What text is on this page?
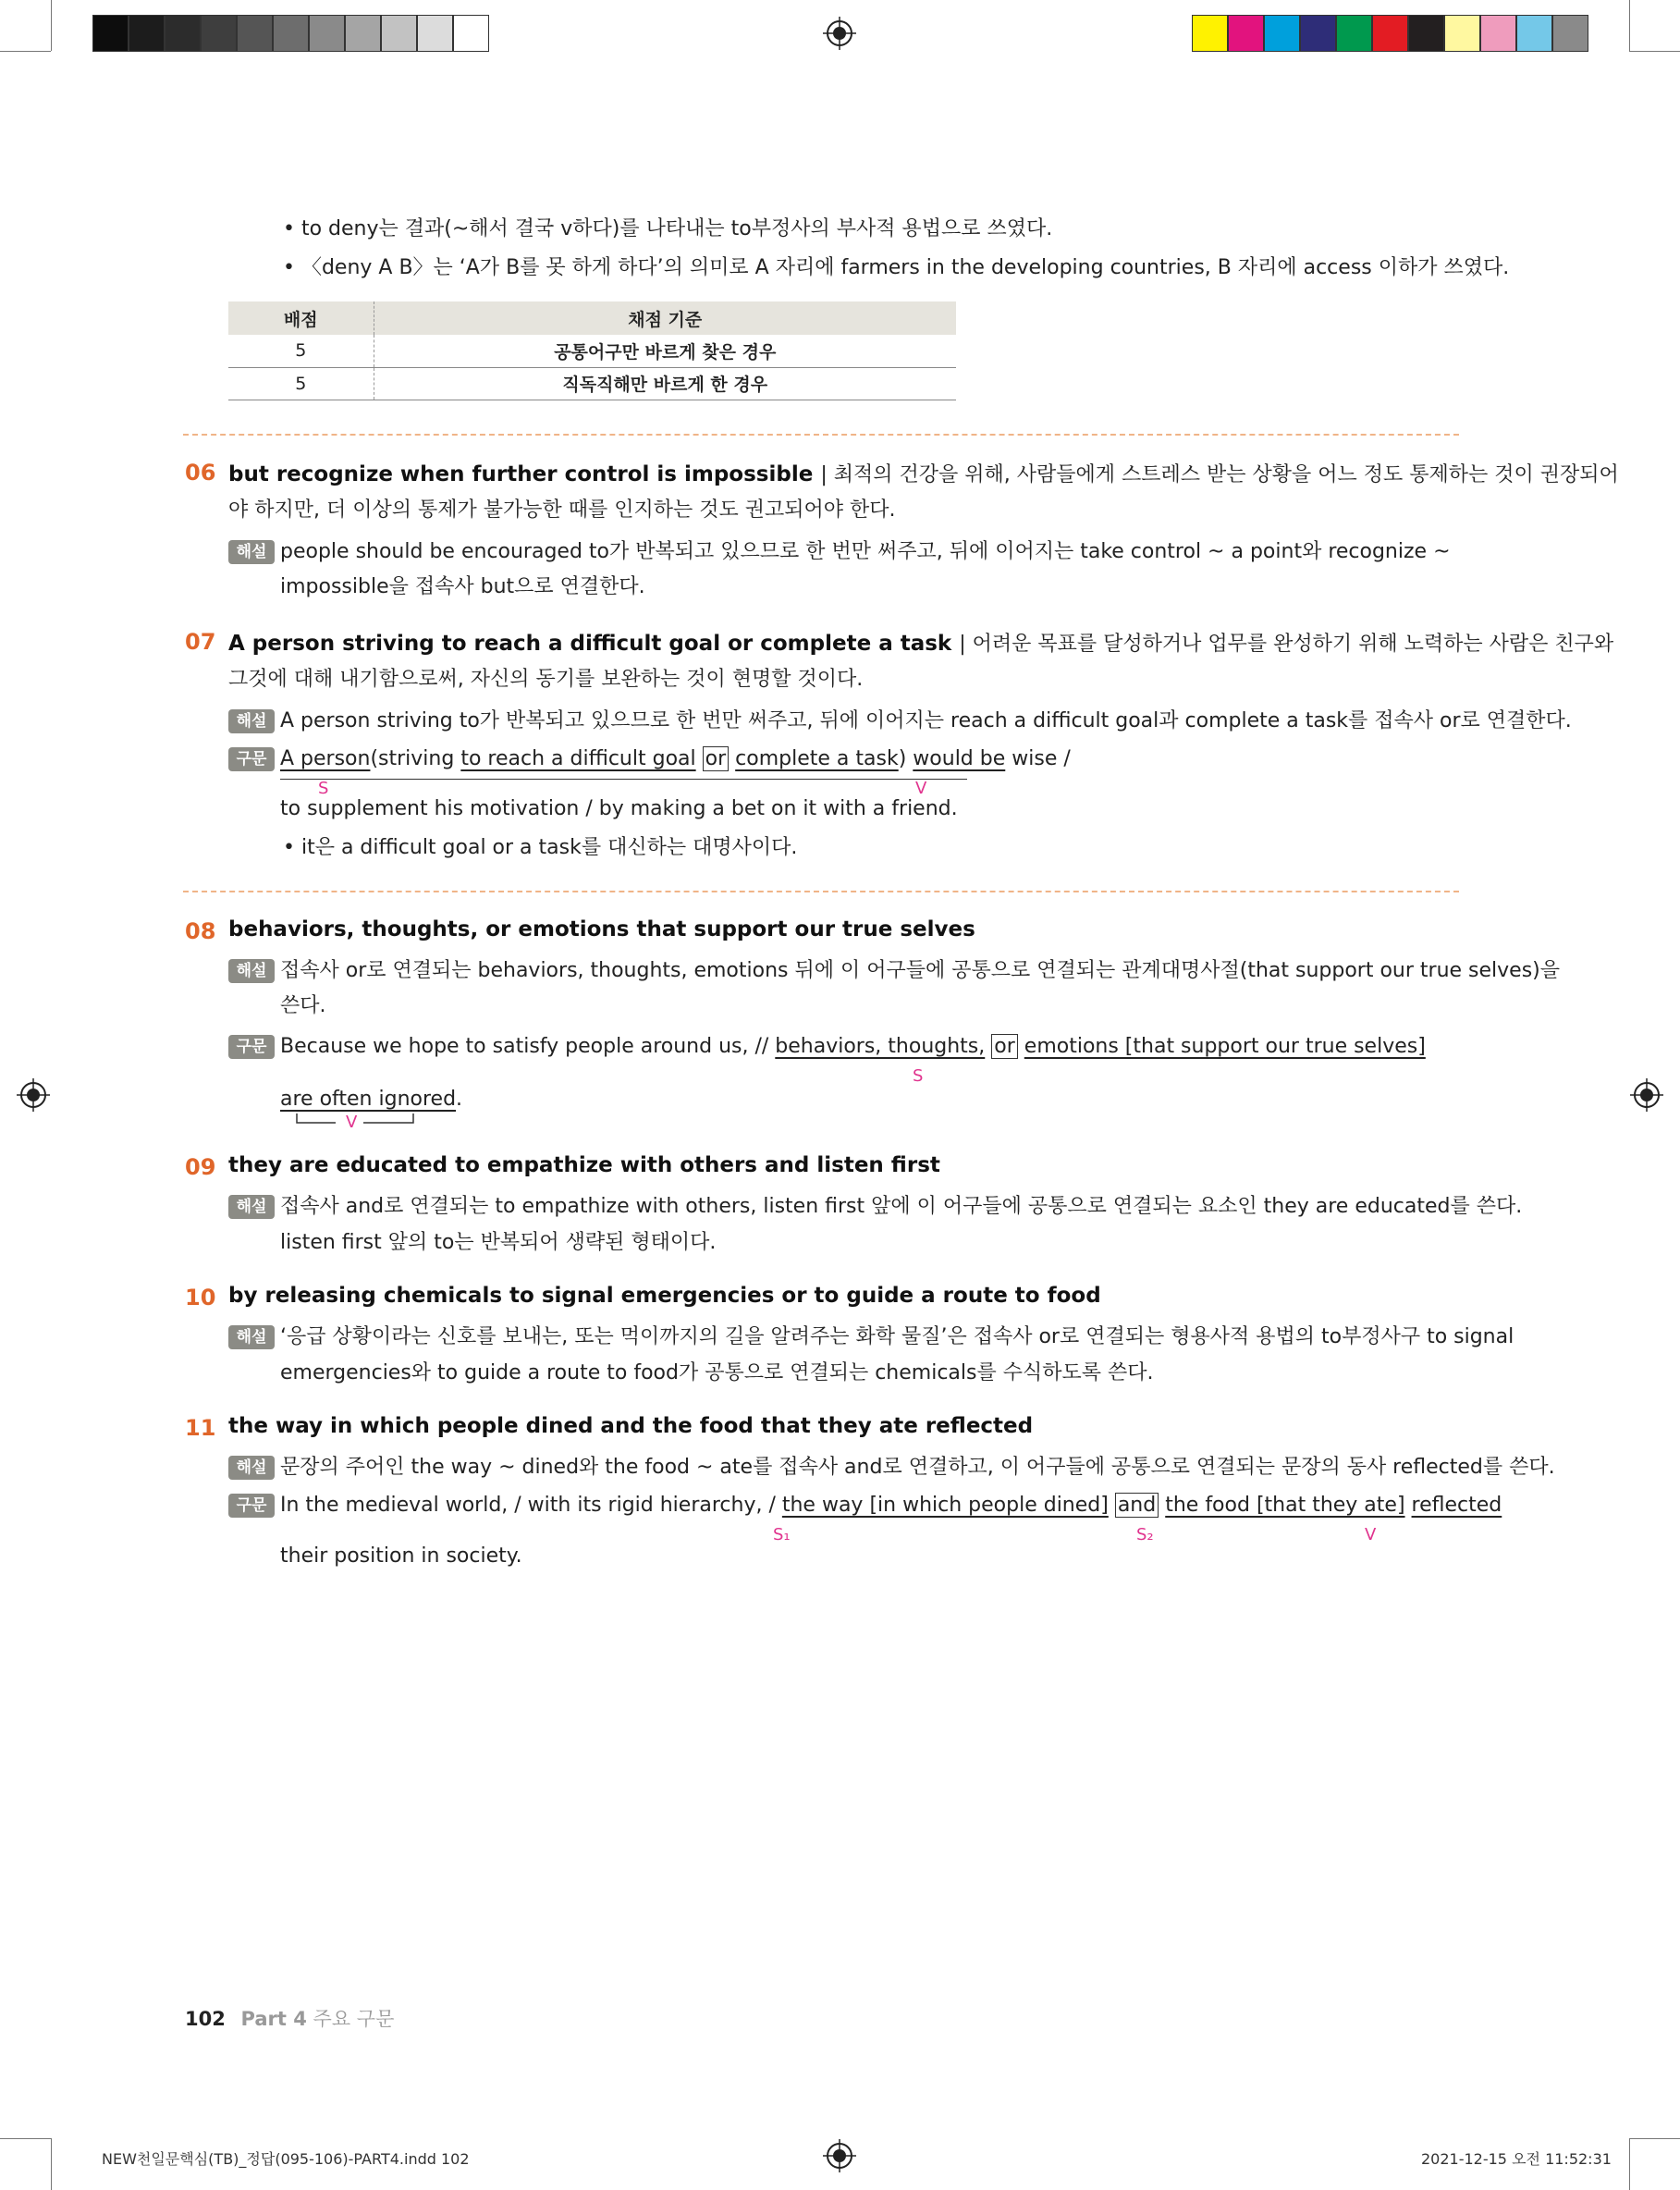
• to deny는 결과(~해서 결국 v하다)를 나타내는 to부정사의 부사적 용법으로 쓰였다.
• 〈deny A B〉는 ‘A가 B를 못 하게 하다’의 의미로 A 자리에 farmers in the developing countries, B 자리에 access 이하가 쓰였다.
배점	채점 기준
5	공통어구만 바르게 찾은 경우
5	직독직해만 바르게 한 경우
06 but recognize when further control is impossible | 최적의 건강을 위해, 사람들에게 스트레스 받는 상황을 어느 정도 통제하는 것이 권장되어
야 하지만, 더 이상의 통제가 불가능한 때를 인지하는 것도 권고되어야 한다.
해설 people should be encouraged to가 반복되고 있으므로 한 번만 써주고, 뒤에 이어지는 take control ~ a point와 recognize ~
impossible을 접속사 but으로 연결한다.
07 A person striving to reach a difficult goal or complete a task | 어려운 목표를 달성하거나 업무를 완성하기 위해 노력하는 사람은 친구와
그것에 대해 내기함으로써, 자신의 동기를 보완하는 것이 현명할 것이다.
해설 A person striving to가 반복되고 있으므로 한 번만 써주고, 뒤에 이어지는 reach a difficult goal과 complete a task를 접속사 or로 연결한다.
구문 A person(striving to reach a difficult goal or complete a task) would be wise /
S	V
to supplement his motivation / by making a bet on it with a friend.
• it은 a difficult goal or a task를 대신하는 대명사이다.
08 behaviors, thoughts, or emotions that support our true selves
해설 접속사 or로 연결되는 behaviors, thoughts, emotions 뒤에 이 어구들에 공통으로 연결되는 관계대명사절(that support our true selves)을
쓴다.
구문 Because we hope to satisfy people around us, // behaviors, thoughts, or emotions [that support our true selves]
S
are often ignored.
V
09 they are educated to empathize with others and listen first
해설 접속사 and로 연결되는 to empathize with others, listen first 앞에 이 어구들에 공통으로 연결되는 요소인 they are educated를 쓴다.
listen first 앞의 to는 반복되어 생략된 형태이다.
10 by releasing chemicals to signal emergencies or to guide a route to food
해설 ‘응급 상황이라는 신호를 보내는, 또는 먹이까지의 길을 알려주는 화학 물질’은 접속사 or로 연결되는 형용사적 용법의 to부정사구 to signal
emergencies와 to guide a route to food가 공통으로 연결되는 chemicals를 수식하도록 쓴다.
11 the way in which people dined and the food that they ate reflected
해설 문장의 주어인 the way ~ dined와 the food ~ ate를 접속사 and로 연결하고, 이 어구들에 공통으로 연결되는 문장의 동사 reflected를 쓴다.
구문 In the medieval world, / with its rigid hierarchy, / the way [in which people dined] and the food [that they ate] reflected
S₁	S₂	V
their position in society.
102 Part 4 주요 구문
NEW천일문핵심(TB)_정답(095-106)-PART4.indd 102	2021-12-15 오전 11:52:31
